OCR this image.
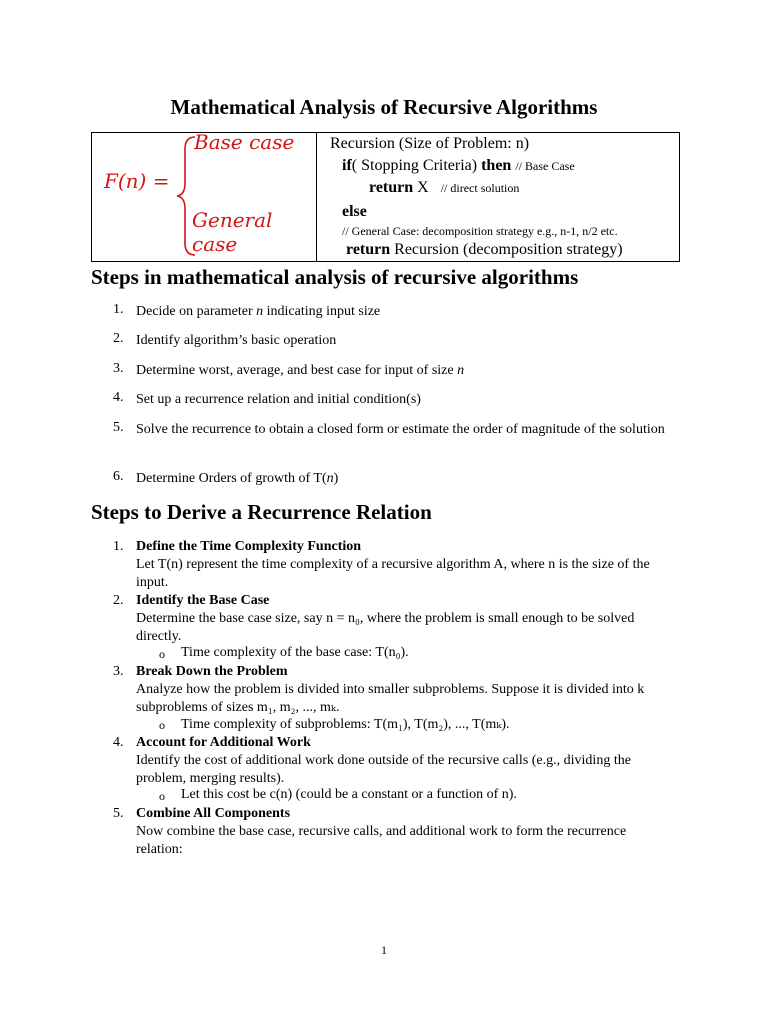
Mathematical Analysis of Recursive Algorithms
F(n) =
Base case
General case
Recursion (Size of Problem: n)
if( Stopping Criteria) then // Base Case
return X // direct solution
else
// General Case: decomposition strategy e.g., n-1, n/2 etc.
return Recursion (decomposition strategy)
Steps in mathematical analysis of recursive algorithms
1. Decide on parameter n indicating input size
2. Identify algorithm’s basic operation
3. Determine worst, average, and best case for input of size n
4. Set up a recurrence relation and initial condition(s)
5. Solve the recurrence to obtain a closed form or estimate the order of magnitude of the solution
6. Determine Orders of growth of T(n)
Steps to Derive a Recurrence Relation
1. Define the Time Complexity Function
Let T(n) represent the time complexity of a recursive algorithm A, where n is the size of the input.
2. Identify the Base Case
Determine the base case size, say n = n₀, where the problem is small enough to be solved directly.
o Time complexity of the base case: T(n₀).
3. Break Down the Problem
Analyze how the problem is divided into smaller subproblems. Suppose it is divided into k subproblems of sizes m₁, m₂, ..., mₖ.
o Time complexity of subproblems: T(m₁), T(m₂), ..., T(mₖ).
4. Account for Additional Work
Identify the cost of additional work done outside of the recursive calls (e.g., dividing the problem, merging results).
o Let this cost be c(n) (could be a constant or a function of n).
5. Combine All Components
Now combine the base case, recursive calls, and additional work to form the recurrence relation:
1
